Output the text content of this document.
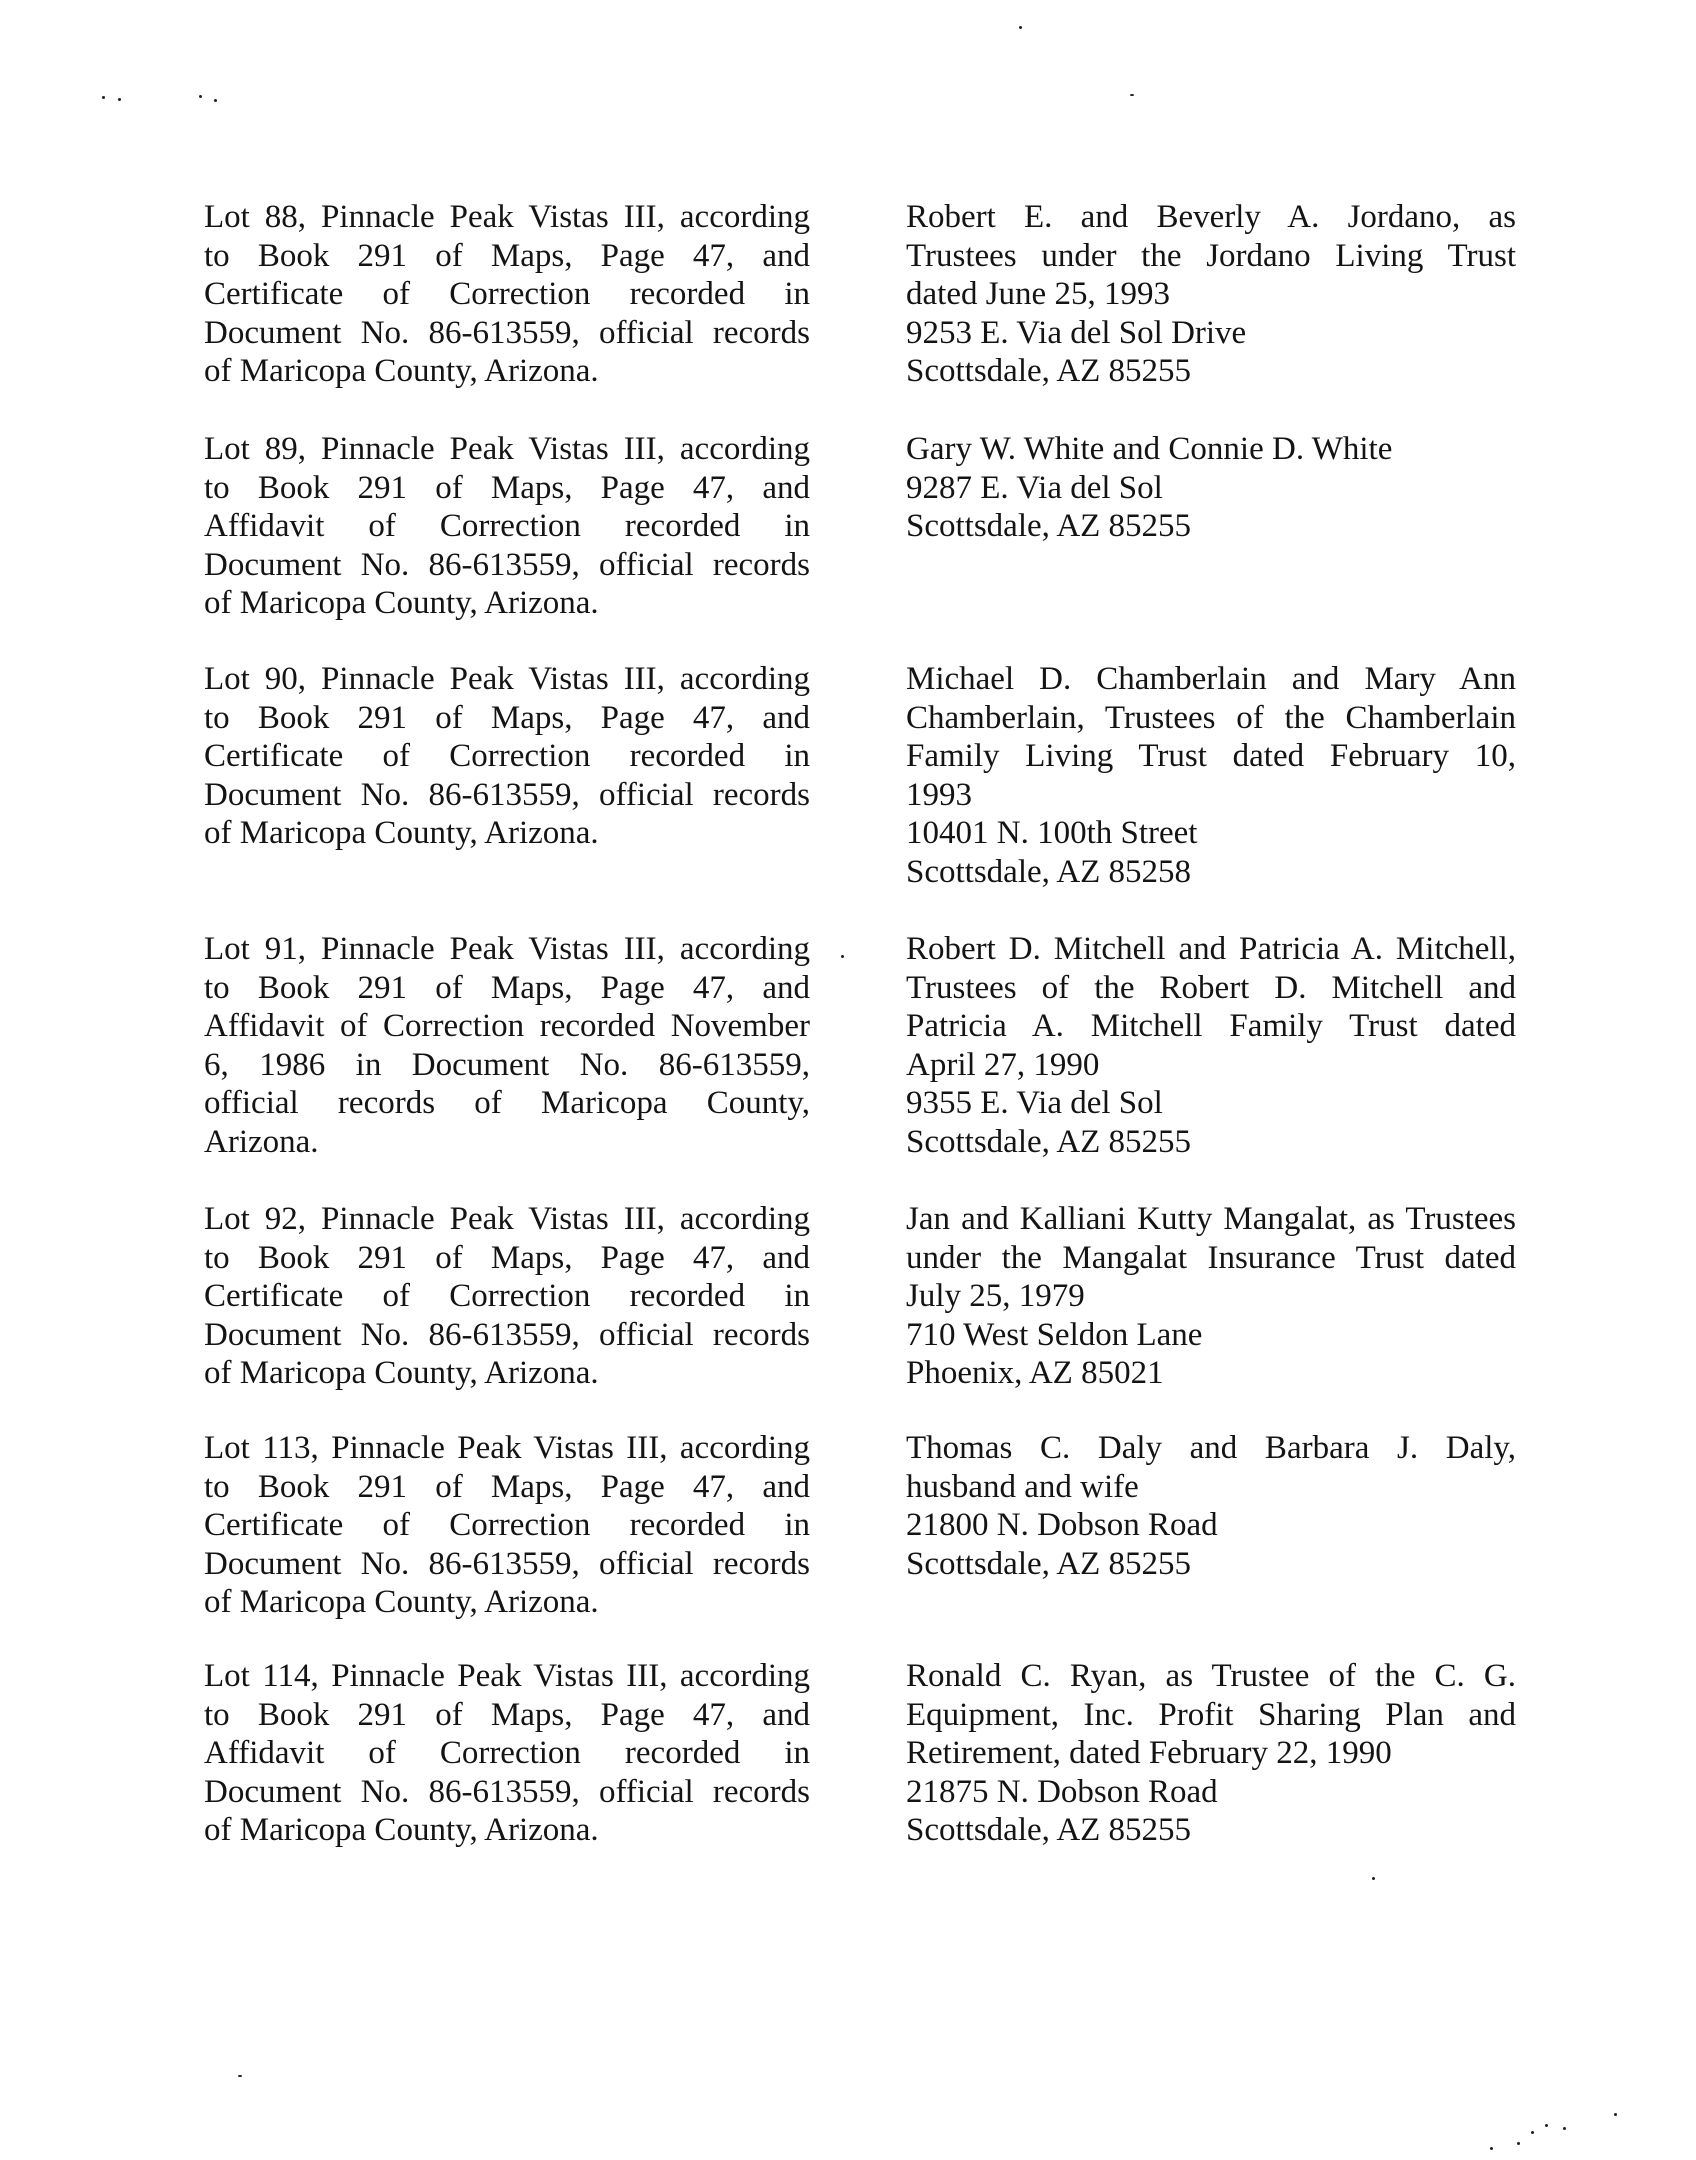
Lot 88, Pinnacle Peak Vistas III, according
to Book 291 of Maps, Page 47, and
Certificate of Correction recorded in
Document No. 86-613559, official records
of Maricopa County, Arizona.
Robert E. and Beverly A. Jordano, as
Trustees under the Jordano Living Trust
dated June 25, 1993
9253 E. Via del Sol Drive
Scottsdale, AZ 85255
Lot 89, Pinnacle Peak Vistas III, according
to Book 291 of Maps, Page 47, and
Affidavit of Correction recorded in
Document No. 86-613559, official records
of Maricopa County, Arizona.
Gary W. White and Connie D. White
9287 E. Via del Sol
Scottsdale, AZ 85255
Lot 90, Pinnacle Peak Vistas III, according
to Book 291 of Maps, Page 47, and
Certificate of Correction recorded in
Document No. 86-613559, official records
of Maricopa County, Arizona.
Michael D. Chamberlain and Mary Ann
Chamberlain, Trustees of the Chamberlain
Family Living Trust dated February 10,
1993
10401 N. 100th Street
Scottsdale, AZ 85258
Lot 91, Pinnacle Peak Vistas III, according
to Book 291 of Maps, Page 47, and
Affidavit of Correction recorded November
6, 1986 in Document No. 86-613559,
official records of Maricopa County,
Arizona.
Robert D. Mitchell and Patricia A. Mitchell,
Trustees of the Robert D. Mitchell and
Patricia A. Mitchell Family Trust dated
April 27, 1990
9355 E. Via del Sol
Scottsdale, AZ 85255
Lot 92, Pinnacle Peak Vistas III, according
to Book 291 of Maps, Page 47, and
Certificate of Correction recorded in
Document No. 86-613559, official records
of Maricopa County, Arizona.
Jan and Kalliani Kutty Mangalat, as Trustees
under the Mangalat Insurance Trust dated
July 25, 1979
710 West Seldon Lane
Phoenix, AZ 85021
Lot 113, Pinnacle Peak Vistas III, according
to Book 291 of Maps, Page 47, and
Certificate of Correction recorded in
Document No. 86-613559, official records
of Maricopa County, Arizona.
Thomas C. Daly and Barbara J. Daly,
husband and wife
21800 N. Dobson Road
Scottsdale, AZ 85255
Lot 114, Pinnacle Peak Vistas III, according
to Book 291 of Maps, Page 47, and
Affidavit of Correction recorded in
Document No. 86-613559, official records
of Maricopa County, Arizona.
Ronald C. Ryan, as Trustee of the C. G.
Equipment, Inc. Profit Sharing Plan and
Retirement, dated February 22, 1990
21875 N. Dobson Road
Scottsdale, AZ 85255
